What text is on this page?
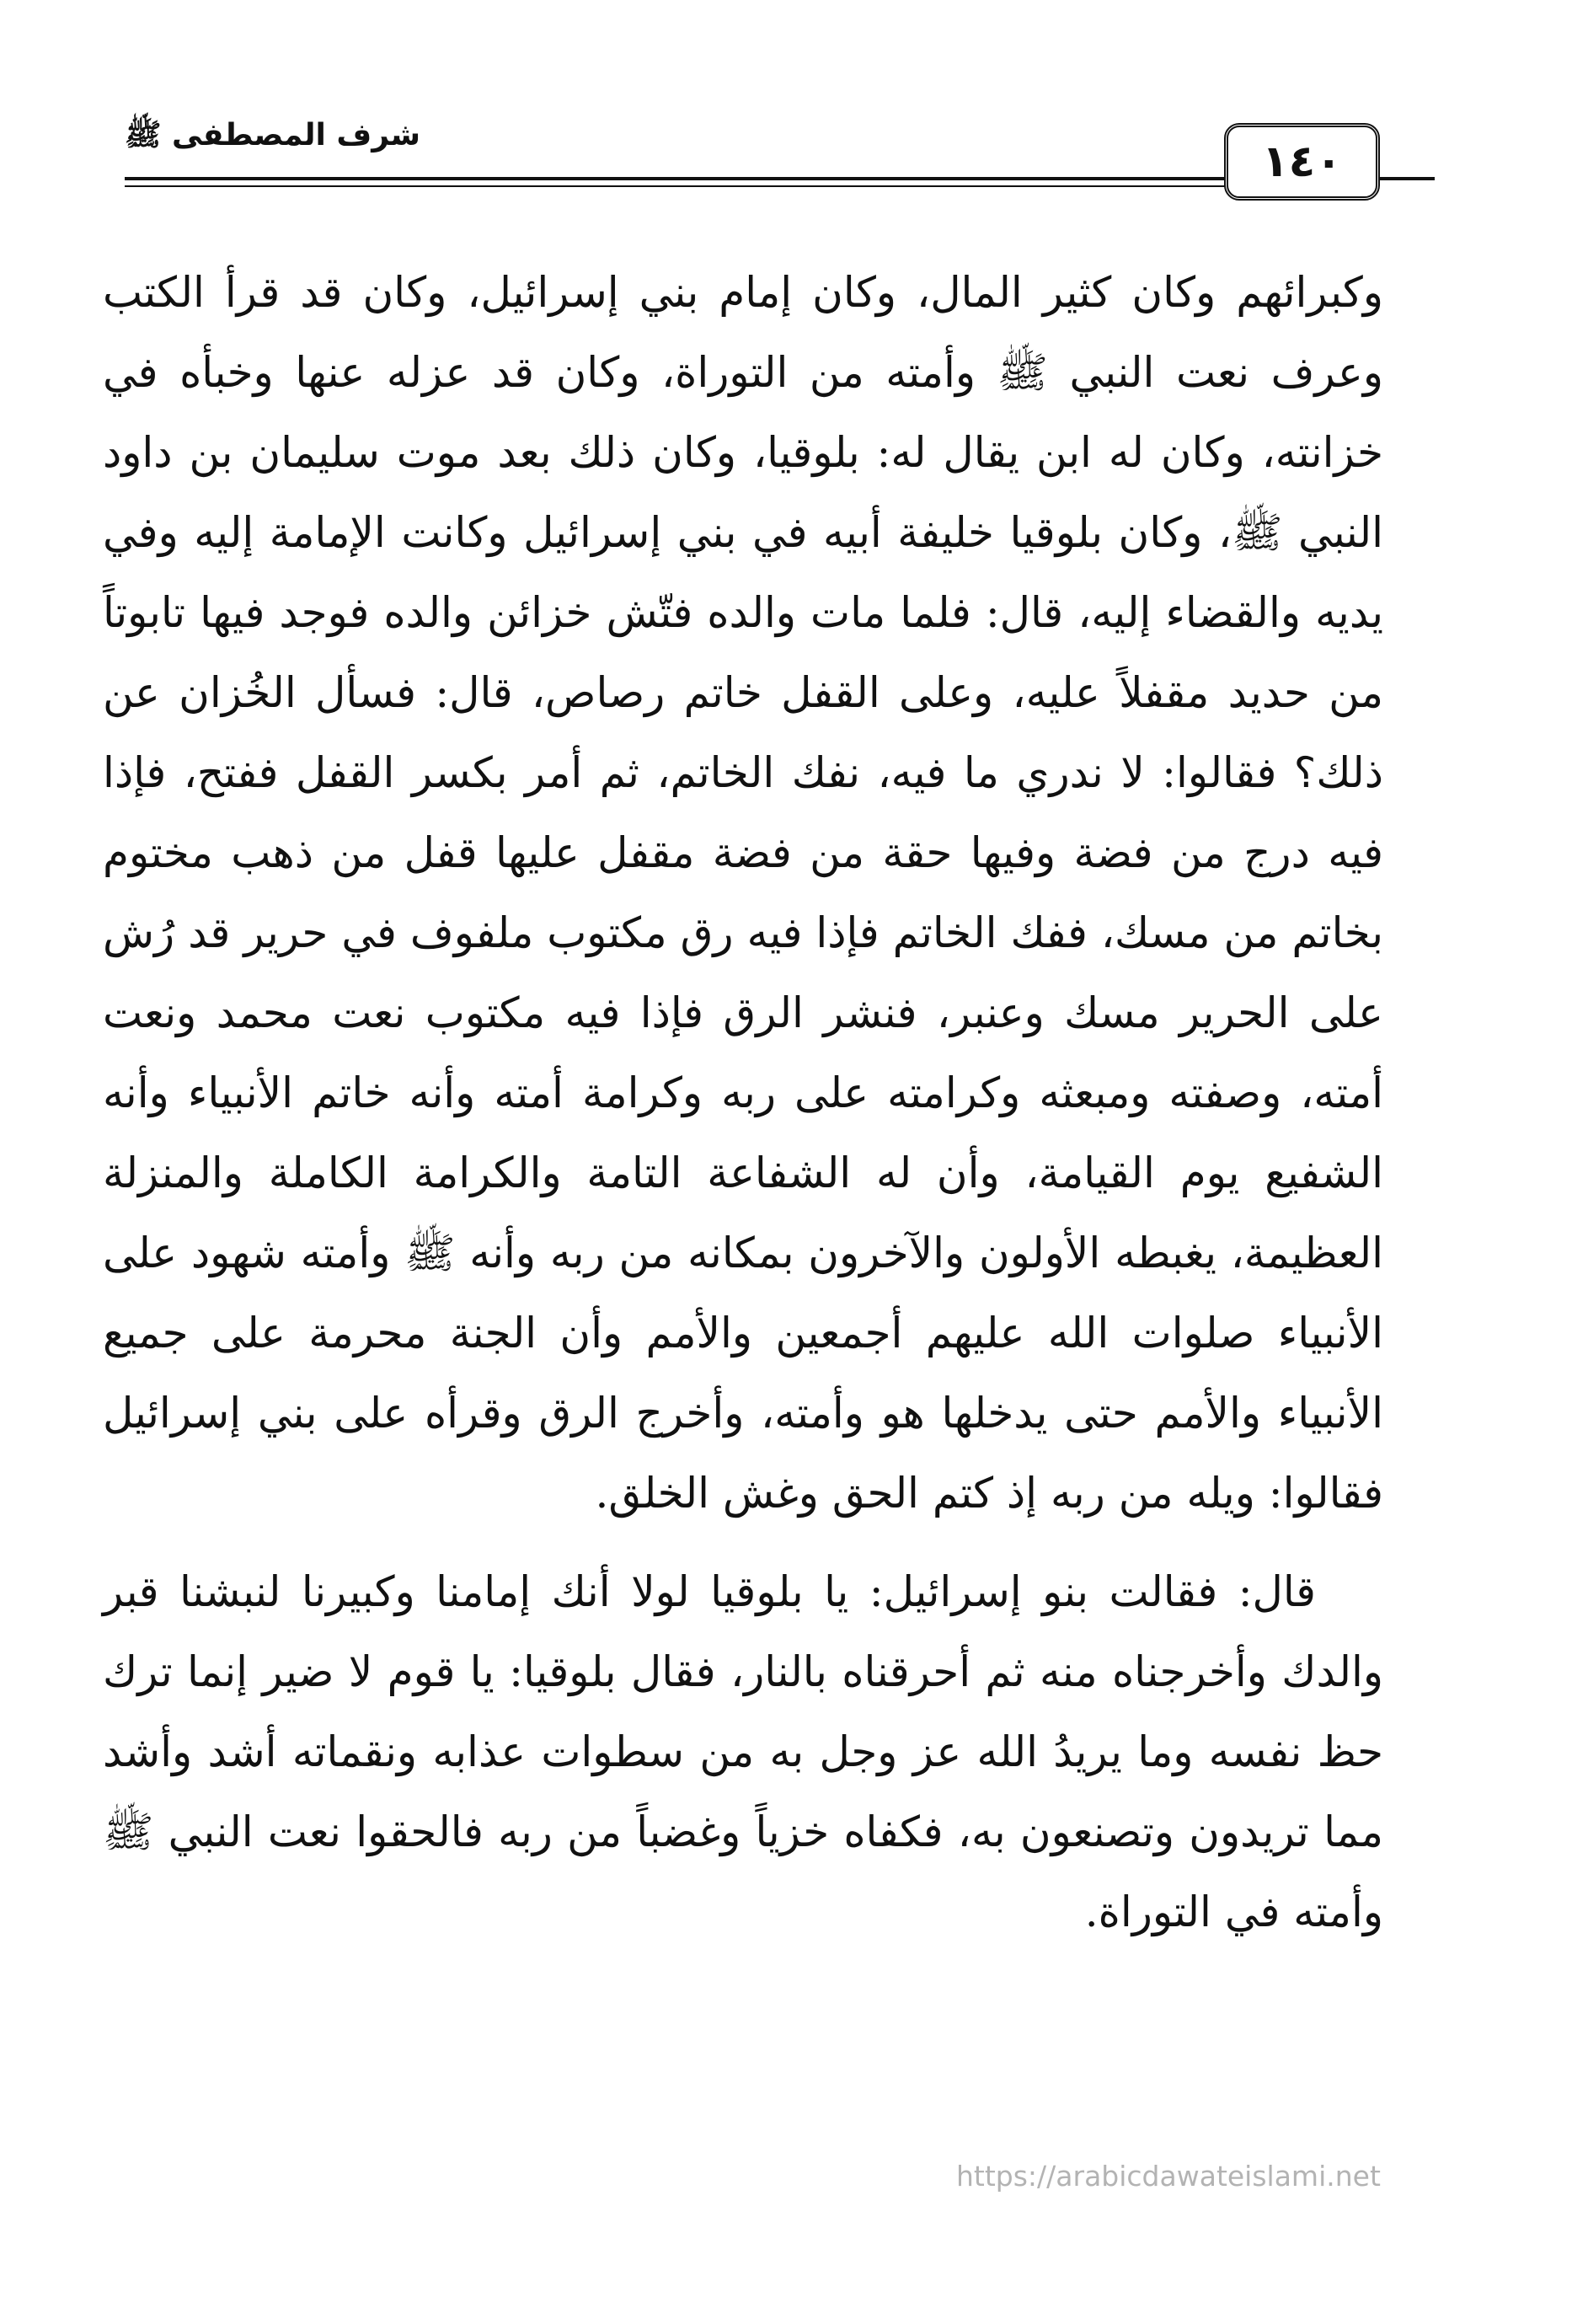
شرف المصطفى ﷺ
١٤٠

وكبرائهم وكان كثير المال، وكان إمام بني إسرائيل، وكان قد قرأ الكتب وعرف نعت النبي ﷺ وأمته من التوراة، وكان قد عزله عنها وخبأه في خزانته، وكان له ابن يقال له: بلوقيا، وكان ذلك بعد موت سليمان بن داود النبي ﷺ، وكان بلوقيا خليفة أبيه في بني إسرائيل وكانت الإمامة إليه وفي يديه والقضاء إليه، قال: فلما مات والده فتّش خزائن والده فوجد فيها تابوتاً من حديد مقفلاً عليه، وعلى القفل خاتم رصاص، قال: فسأل الخُزان عن ذلك؟ فقالوا: لا ندري ما فيه، نفك الخاتم، ثم أمر بكسر القفل ففتح، فإذا فيه درج من فضة وفيها حقة من فضة مقفل عليها قفل من ذهب مختوم بخاتم من مسك، ففك الخاتم فإذا فيه رق مكتوب ملفوف في حرير قد رُش على الحرير مسك وعنبر، فنشر الرق فإذا فيه مكتوب نعت محمد ونعت أمته، وصفته ومبعثه وكرامته على ربه وكرامة أمته وأنه خاتم الأنبياء وأنه الشفيع يوم القيامة، وأن له الشفاعة التامة والكرامة الكاملة والمنزلة العظيمة، يغبطه الأولون والآخرون بمكانه من ربه وأنه ﷺ وأمته شهود على الأنبياء صلوات الله عليهم أجمعين والأمم وأن الجنة محرمة على جميع الأنبياء والأمم حتى يدخلها هو وأمته، وأخرج الرق وقرأه على بني إسرائيل فقالوا: ويله من ربه إذ كتم الحق وغش الخلق.

قال: فقالت بنو إسرائيل: يا بلوقيا لولا أنك إمامنا وكبيرنا لنبشنا قبر والدك وأخرجناه منه ثم أحرقناه بالنار، فقال بلوقيا: يا قوم لا ضير إنما ترك حظ نفسه وما يريدُ الله عز وجل به من سطوات عذابه ونقماته أشد وأشد مما تريدون وتصنعون به، فكفاه خزياً وغضباً من ربه فالحقوا نعت النبي ﷺ وأمته في التوراة.

https://arabicdawateislami.net
